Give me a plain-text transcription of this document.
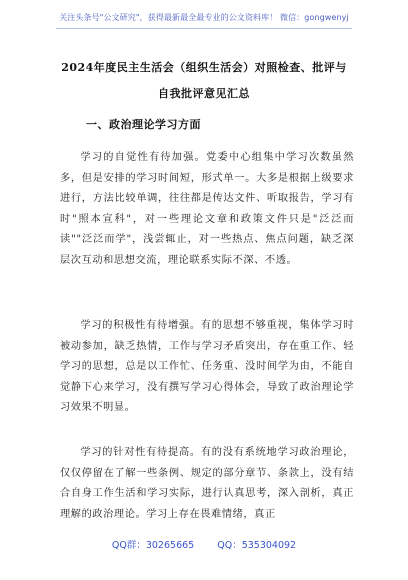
关注头条号"公文研究"，获得最新最全最专业的公文资料库！ 微信：gongwenyj
2024年度民主生活会（组织生活会）对照检查、批评与自我批评意见汇总
一、政治理论学习方面
学习的自觉性有待加强。党委中心组集中学习次数虽然多，但是安排的学习时间短，形式单一。大多是根据上级要求进行，方法比较单调，往往都是传达文件、听取报告，学习有时"照本宣科"，对一些理论文章和政策文件只是"泛泛而读""泛泛而学"，浅尝辄止，对一些热点、焦点问题，缺乏深层次互动和思想交流，理论联系实际不深、不透。
学习的积极性有待增强。有的思想不够重视，集体学习时被动参加，缺乏热情，工作与学习矛盾突出，存在重工作、轻学习的思想，总是以工作忙、任务重、没时间学为由，不能自觉静下心来学习，没有撰写学习心得体会，导致了政治理论学习效果不明显。
学习的针对性有待提高。有的没有系统地学习政治理论，仅仅停留在了解一些条例、规定的部分章节、条款上，没有结合自身工作生活和学习实际，进行认真思考，深入剖析，真正理解的政治理论。学习上存在畏难情绪，真正
QQ群：30265665 QQ：535304092
